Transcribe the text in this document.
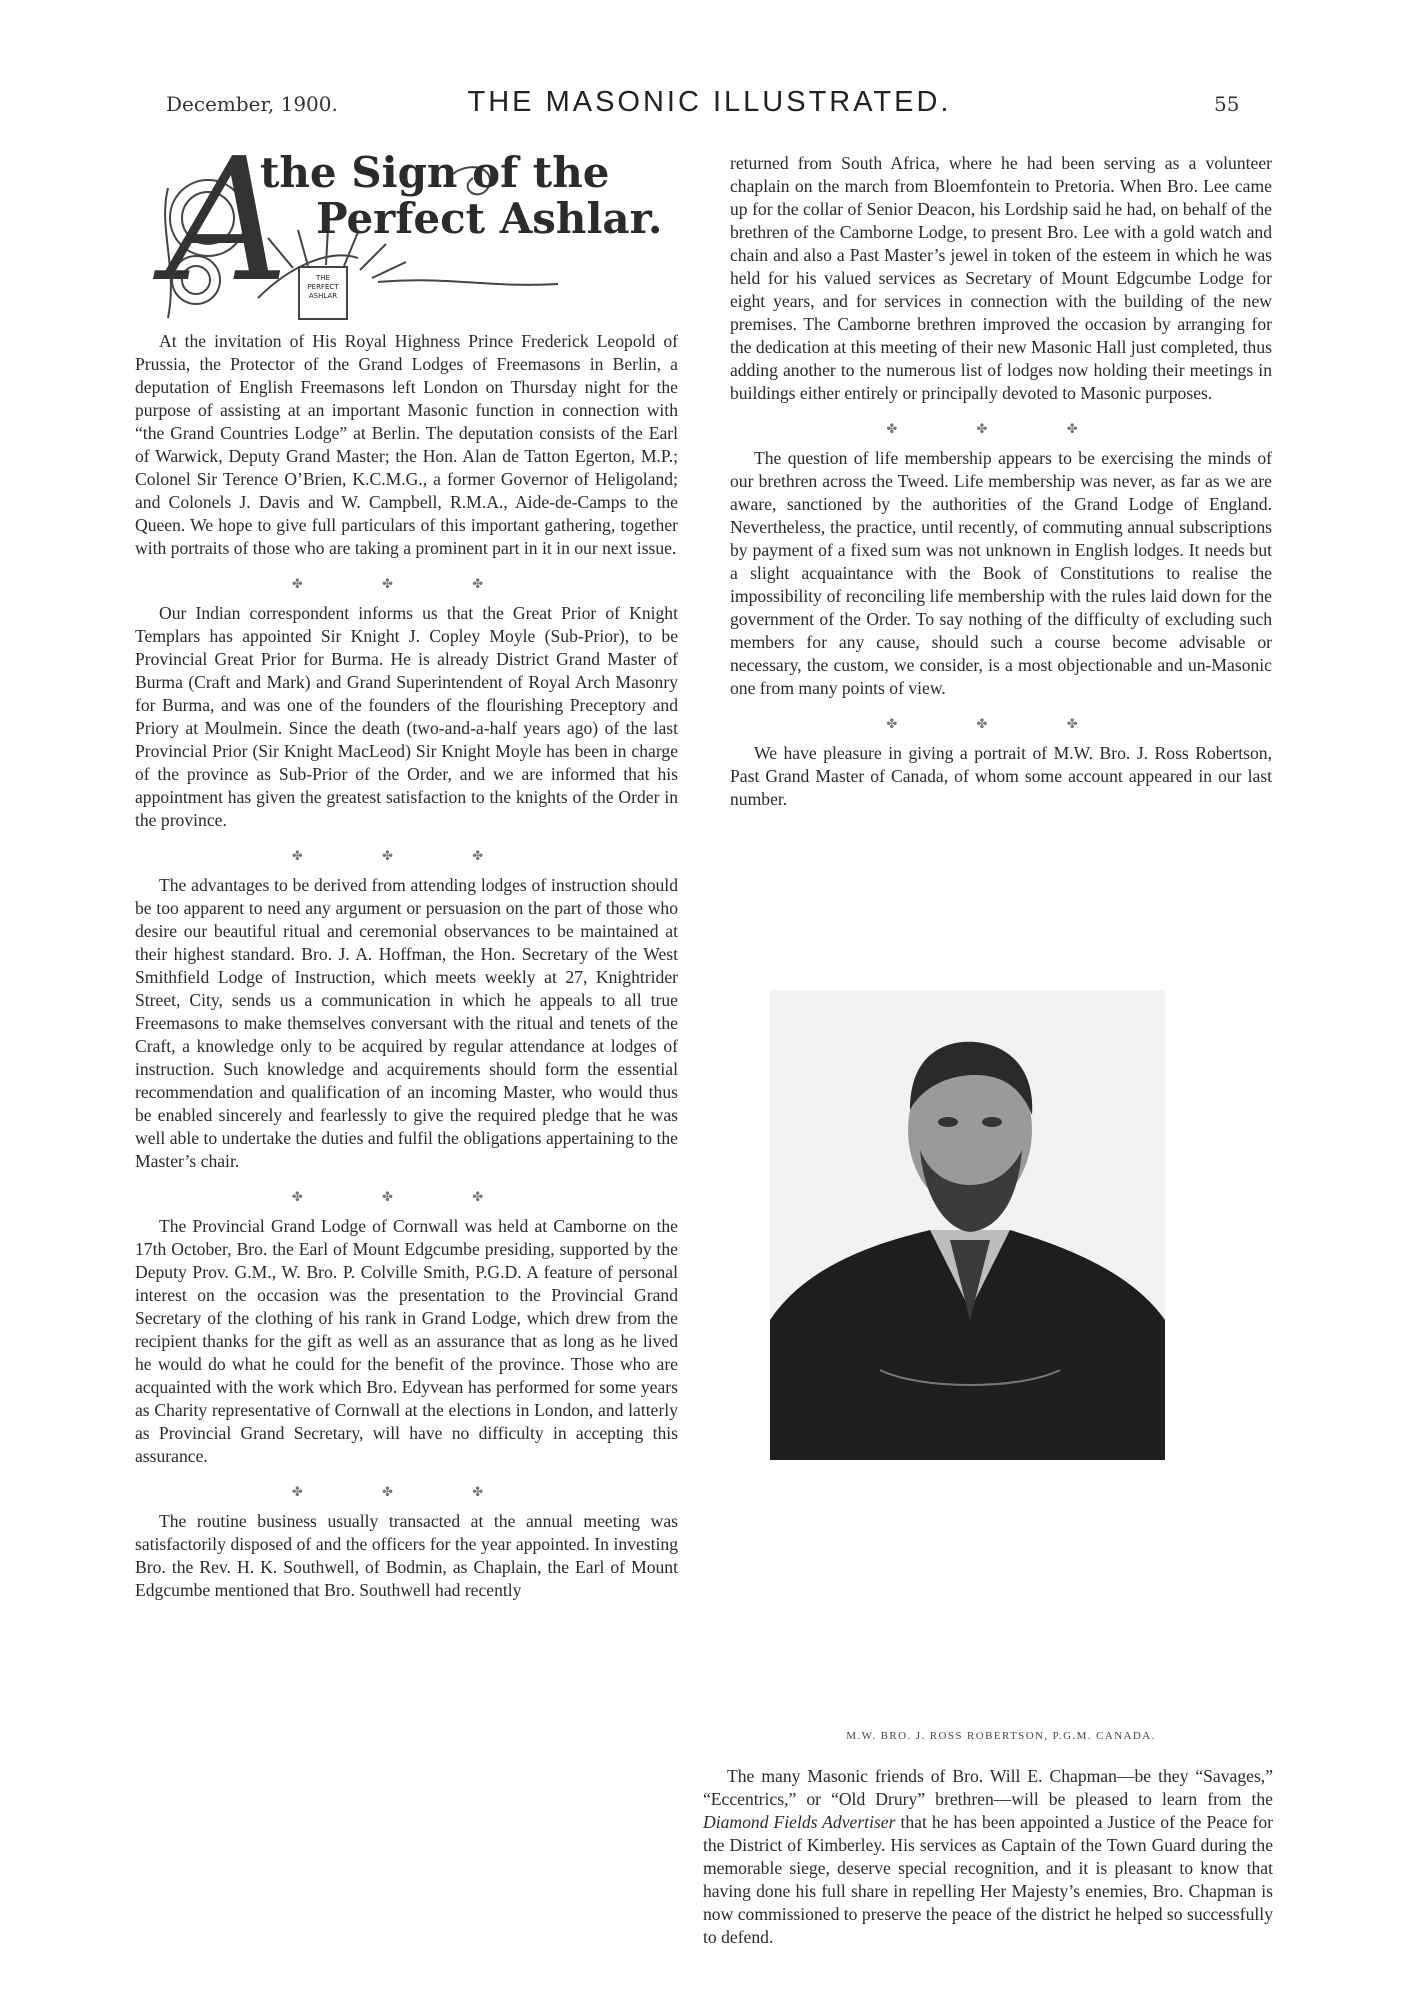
December, 1900.	THE MASONIC ILLUSTRATED.	55
A
the Sign of the
Perfect Ashlar.
THE PERFECT ASHLAR

At the invitation of His Royal Highness Prince Frederick Leopold of Prussia, the Protector of the Grand Lodges of Freemasons in Berlin, a deputation of English Freemasons left London on Thursday night for the purpose of assisting at an important Masonic function in connection with “the Grand Countries Lodge” at Berlin. The deputation consists of the Earl of Warwick, Deputy Grand Master; the Hon. Alan de Tatton Egerton, M.P.; Colonel Sir Terence O’Brien, K.C.M.G., a former Governor of Heligoland; and Colonels J. Davis and W. Campbell, R.M.A., Aide-de-Camps to the Queen. We hope to give full particulars of this important gathering, together with portraits of those who are taking a prominent part in it in our next issue.

✤ ✤ ✤

Our Indian correspondent informs us that the Great Prior of Knight Templars has appointed Sir Knight J. Copley Moyle (Sub-Prior), to be Provincial Great Prior for Burma. He is already District Grand Master of Burma (Craft and Mark) and Grand Superintendent of Royal Arch Masonry for Burma, and was one of the founders of the flourishing Preceptory and Priory at Moulmein. Since the death (two-and-a-half years ago) of the last Provincial Prior (Sir Knight MacLeod) Sir Knight Moyle has been in charge of the province as Sub-Prior of the Order, and we are informed that his appointment has given the greatest satisfaction to the knights of the Order in the province.

✤ ✤ ✤

The advantages to be derived from attending lodges of instruction should be too apparent to need any argument or persuasion on the part of those who desire our beautiful ritual and ceremonial observances to be maintained at their highest standard. Bro. J. A. Hoffman, the Hon. Secretary of the West Smithfield Lodge of Instruction, which meets weekly at 27, Knightrider Street, City, sends us a communication in which he appeals to all true Freemasons to make themselves conversant with the ritual and tenets of the Craft, a knowledge only to be acquired by regular attendance at lodges of instruction. Such knowledge and acquirements should form the essential recommendation and qualification of an incoming Master, who would thus be enabled sincerely and fearlessly to give the required pledge that he was well able to undertake the duties and fulfil the obligations appertaining to the Master’s chair.

✤ ✤ ✤

The Provincial Grand Lodge of Cornwall was held at Camborne on the 17th October, Bro. the Earl of Mount Edgcumbe presiding, supported by the Deputy Prov. G.M., W. Bro. P. Colville Smith, P.G.D. A feature of personal interest on the occasion was the presentation to the Provincial Grand Secretary of the clothing of his rank in Grand Lodge, which drew from the recipient thanks for the gift as well as an assurance that as long as he lived he would do what he could for the benefit of the province. Those who are acquainted with the work which Bro. Edyvean has performed for some years as Charity representative of Cornwall at the elections in London, and latterly as Provincial Grand Secretary, will have no difficulty in accepting this assurance.

✤ ✤ ✤

The routine business usually transacted at the annual meeting was satisfactorily disposed of and the officers for the year appointed. In investing Bro. the Rev. H. K. Southwell, of Bodmin, as Chaplain, the Earl of Mount Edgcumbe mentioned that Bro. Southwell had recently

returned from South Africa, where he had been serving as a volunteer chaplain on the march from Bloemfontein to Pretoria. When Bro. Lee came up for the collar of Senior Deacon, his Lordship said he had, on behalf of the brethren of the Camborne Lodge, to present Bro. Lee with a gold watch and chain and also a Past Master’s jewel in token of the esteem in which he was held for his valued services as Secretary of Mount Edgcumbe Lodge for eight years, and for services in connection with the building of the new premises. The Camborne brethren improved the occasion by arranging for the dedication at this meeting of their new Masonic Hall just completed, thus adding another to the numerous list of lodges now holding their meetings in buildings either entirely or principally devoted to Masonic purposes.

✤ ✤ ✤

The question of life membership appears to be exercising the minds of our brethren across the Tweed. Life membership was never, as far as we are aware, sanctioned by the authorities of the Grand Lodge of England. Nevertheless, the practice, until recently, of commuting annual subscriptions by payment of a fixed sum was not unknown in English lodges. It needs but a slight acquaintance with the Book of Constitutions to realise the impossibility of reconciling life membership with the rules laid down for the government of the Order. To say nothing of the difficulty of excluding such members for any cause, should such a course become advisable or necessary, the custom, we consider, is a most objectionable and un-Masonic one from many points of view.

✤ ✤ ✤

We have pleasure in giving a portrait of M.W. Bro. J. Ross Robertson, Past Grand Master of Canada, of whom some account appeared in our last number.

M.W. BRO. J. ROSS ROBERTSON, P.G.M. CANADA.

The many Masonic friends of Bro. Will E. Chapman—be they “Savages,” “Eccentrics,” or “Old Drury” brethren—will be pleased to learn from the Diamond Fields Advertiser that he has been appointed a Justice of the Peace for the District of Kimberley. His services as Captain of the Town Guard during the memorable siege, deserve special recognition, and it is pleasant to know that having done his full share in repelling Her Majesty’s enemies, Bro. Chapman is now commissioned to preserve the peace of the district he helped so successfully to defend.
